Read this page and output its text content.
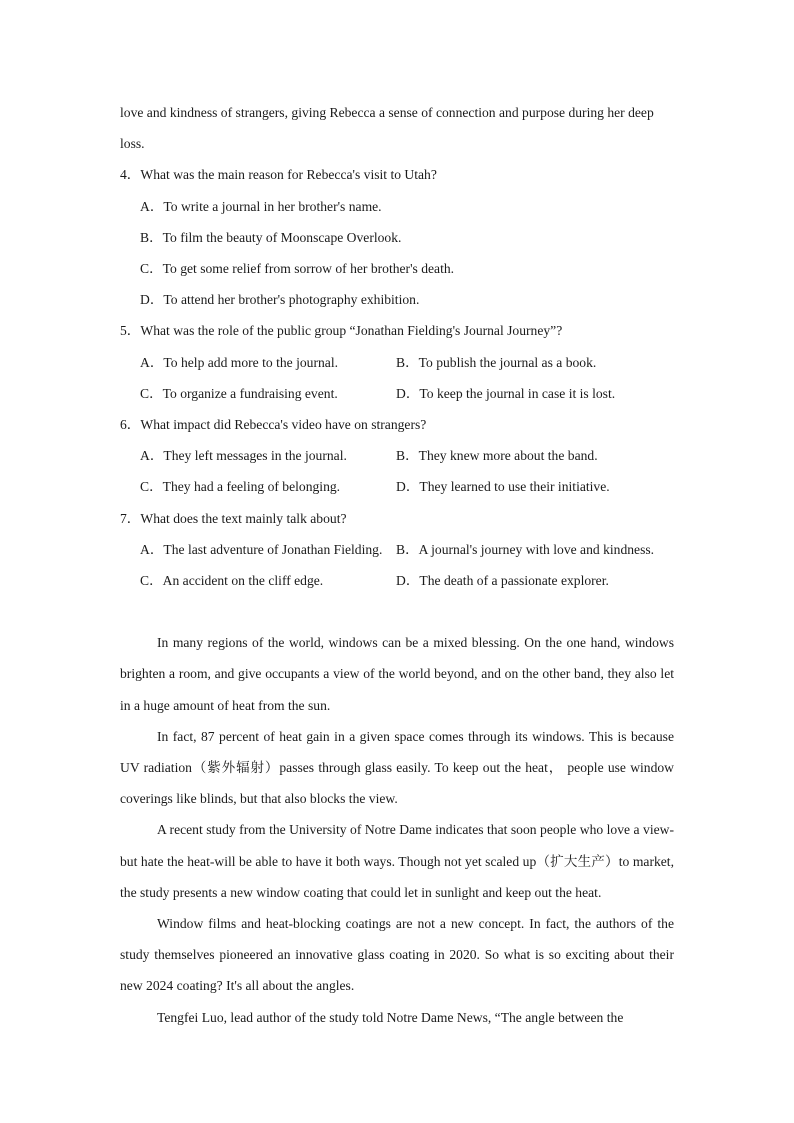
love and kindness of strangers, giving Rebecca a sense of connection and purpose during her deep

loss.

4．What was the main reason for Rebecca's visit to Utah?

A．To write a journal in her brother's name.

B．To film the beauty of Moonscape Overlook.

C．To get some relief from sorrow of her brother's death.

D．To attend her brother's photography exhibition.

5．What was the role of the public group “Jonathan Fielding's Journal Journey”?

A．To help add more to the journal.	B．To publish the journal as a book.
C．To organize a fundraising event.	D．To keep the journal in case it is lost.

6．What impact did Rebecca's video have on strangers?

A．They left messages in the journal.	B．They knew more about the band.
C．They had a feeling of belonging.	D．They learned to use their initiative.

7．What does the text mainly talk about?

A．The last adventure of Jonathan Fielding.	B．A journal's journey with love and kindness.
C．An accident on the cliff edge.	D．The death of a passionate explorer.

In many regions of the world, windows can be a mixed blessing. On the one hand, windows brighten a room, and give occupants a view of the world beyond, and on the other band, they also let in a huge amount of heat from the sun.

In fact, 87 percent of heat gain in a given space comes through its windows. This is because UV radiation（紫外辐射）passes through glass easily. To keep out the heat， people use window coverings like blinds, but that also blocks the view.

A recent study from the University of Notre Dame indicates that soon people who love a view-but hate the heat-will be able to have it both ways. Though not yet scaled up（扩大生产）to market, the study presents a new window coating that could let in sunlight and keep out the heat.

Window films and heat-blocking coatings are not a new concept. In fact, the authors of the study themselves pioneered an innovative glass coating in 2020. So what is so exciting about their new 2024 coating? It's all about the angles.

Tengfei Luo, lead author of the study told Notre Dame News, “The angle between the
